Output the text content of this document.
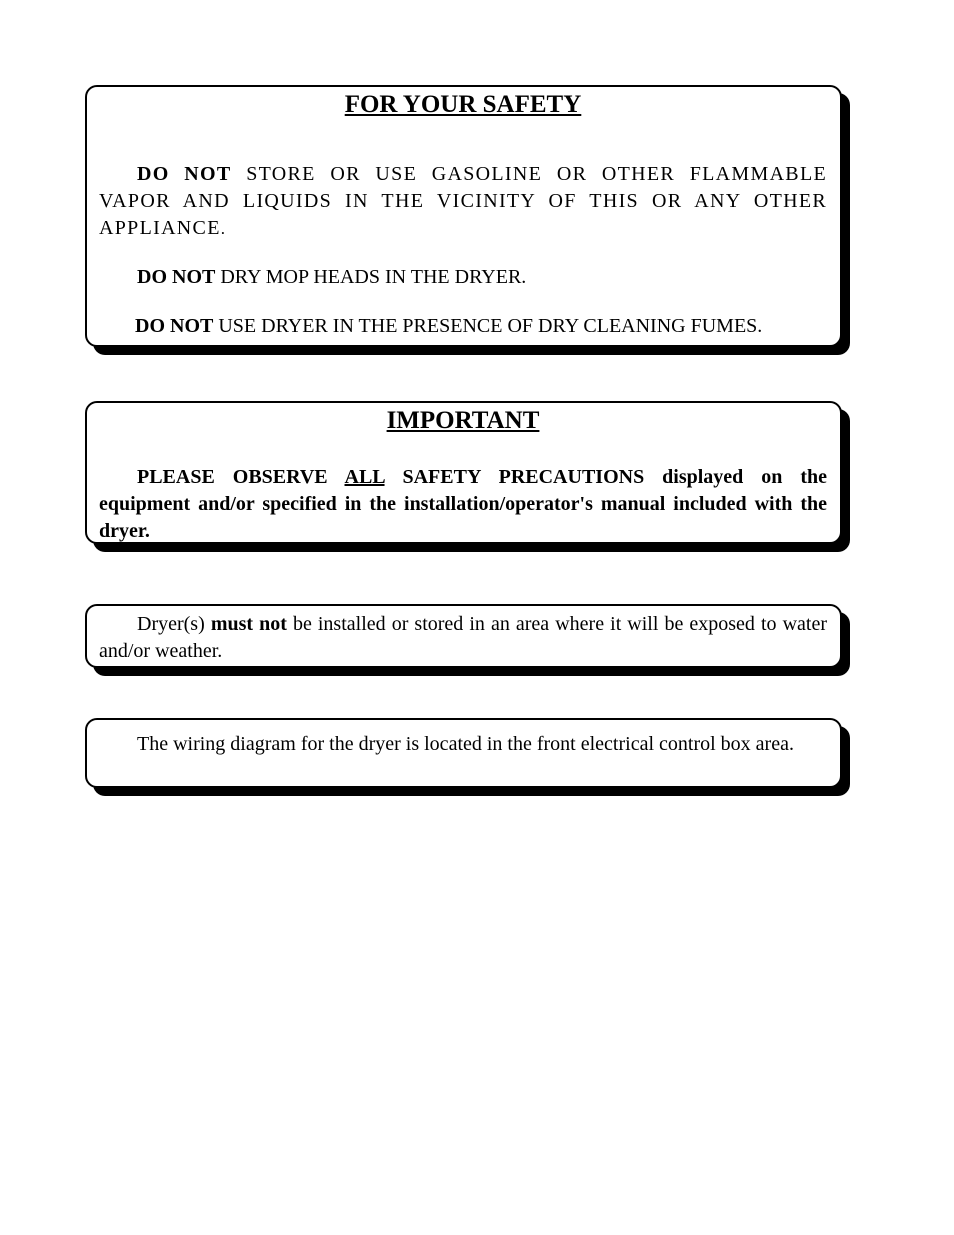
FOR YOUR SAFETY

DO NOT STORE OR USE GASOLINE OR OTHER FLAMMABLE VAPOR AND LIQUIDS IN THE VICINITY OF THIS OR ANY OTHER APPLIANCE.

DO NOT DRY MOP HEADS IN THE DRYER.

DO NOT USE DRYER IN THE PRESENCE OF DRY CLEANING FUMES.

IMPORTANT

PLEASE OBSERVE ALL SAFETY PRECAUTIONS displayed on the equipment and/or specified in the installation/operator's manual included with the dryer.

Dryer(s) must not be installed or stored in an area where it will be exposed to water and/or weather.

The wiring diagram for the dryer is located in the front electrical control box area.
